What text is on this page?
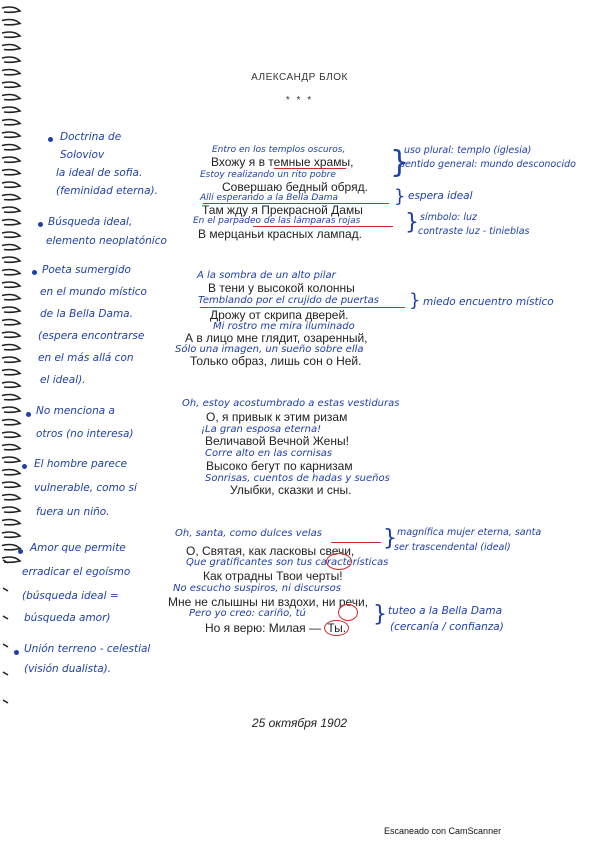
АЛЕКСАНДР БЛОК
* * *
Doctrina de
Soloviov
la ideal de sofia.
(feminidad eterna).
Búsqueda ideal,
elemento neoplatónico
Poeta sumergido
en el mundo místico
de la Bella Dama.
(espera encontrarse
en el más allá con
el ideal).
No menciona a
otros (no interesa)
El hombre parece
vulnerable, como si
fuera un niño.
Amor que permite
erradicar el egoísmo
(búsqueda ideal =
búsqueda amor)
Unión terreno - celestial
(visión dualista).
Entro en los templos oscuros,
Вхожу я в темные храмы,
Estoy realizando un rito pobre
Совершаю бедный обряд.
Allí esperando a la Bella Dama
Там жду я Прекрасной Дамы
En el parpadeo de las lámparas rojas
В мерцаньи красных лампад.
A la sombra de un alto pilar
В тени у высокой колонны
Temblando por el crujido de puertas
Дрожу от скрипа дверей.
Mi rostro me mira iluminado
А в лицо мне глядит, озаренный,
Sólo una imagen, un sueño sobre ella
Только образ, лишь сон о Ней.
Oh, estoy acostumbrado a estas vestiduras
О, я привык к этим ризам
¡La gran esposa eterna!
Величавой Вечной Жены!
Corre alto en las cornisas
Высоко бегут по карнизам
Sonrisas, cuentos de hadas y sueños
Улыбки, сказки и сны.
Oh, santa, como dulces velas
О, Святая, как ласковы свечи,
Que gratificantes son tus características
Как отрадны Твои черты!
No escucho suspiros, ni discursos
Мне не слышны ни вздохи, ни речи,
Pero yo creo: cariño, tú
Но я верю: Милая — Ты.
}
uso plural: templo (iglesia)
sentido general: mundo desconocido
} espera ideal
} símbolo: luz
contraste luz - tinieblas
} miedo encuentro místico
} magnífica mujer eterna, santa
ser trascendental (ideal)
} tuteo a la Bella Dama
(cercanía / confianza)
25 октября 1902
Escaneado con CamScanner
